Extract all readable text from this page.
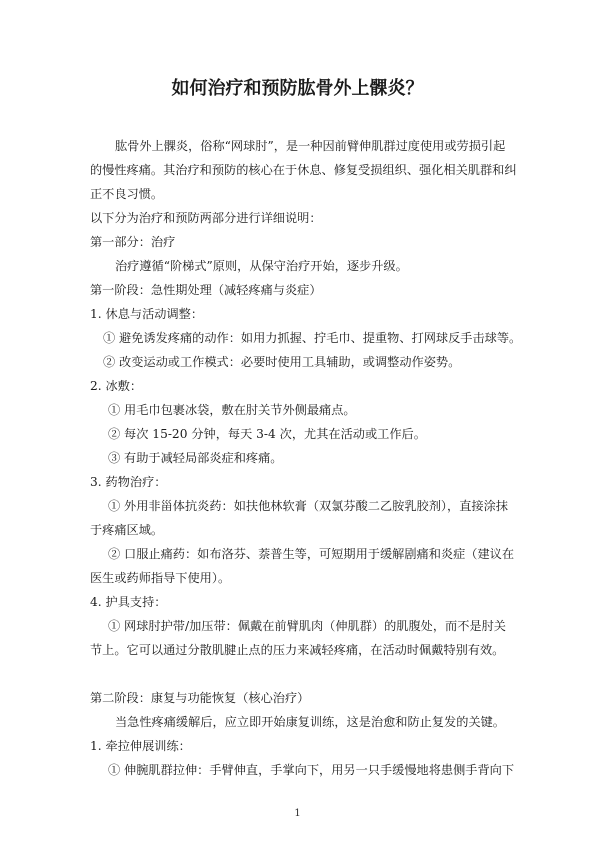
如何治疗和预防肱骨外上髁炎？
肱骨外上髁炎，俗称“网球肘”，是一种因前臂伸肌群过度使用或劳损引起
的慢性疼痛。其治疗和预防的核心在于休息、修复受损组织、强化相关肌群和纠
正不良习惯。
以下分为治疗和预防两部分进行详细说明：
第一部分：治疗
治疗遵循“阶梯式”原则，从保守治疗开始，逐步升级。
第一阶段：急性期处理（减轻疼痛与炎症）
1. 休息与活动调整：
① 避免诱发疼痛的动作：如用力抓握、拧毛巾、提重物、打网球反手击球等。
② 改变运动或工作模式：必要时使用工具辅助，或调整动作姿势。
2. 冰敷：
① 用毛巾包裹冰袋，敷在肘关节外侧最痛点。
② 每次 15-20 分钟，每天 3-4 次，尤其在活动或工作后。
③ 有助于减轻局部炎症和疼痛。
3. 药物治疗：
① 外用非甾体抗炎药：如扶他林软膏（双氯芬酸二乙胺乳胶剂），直接涂抹
于疼痛区域。
② 口服止痛药：如布洛芬、萘普生等，可短期用于缓解剧痛和炎症（建议在
医生或药师指导下使用）。
4. 护具支持：
① 网球肘护带/加压带：佩戴在前臂肌肉（伸肌群）的肌腹处，而不是肘关
节上。它可以通过分散肌腱止点的压力来减轻疼痛，在活动时佩戴特别有效。
第二阶段：康复与功能恢复（核心治疗）
当急性疼痛缓解后，应立即开始康复训练，这是治愈和防止复发的关键。
1. 牵拉伸展训练：
① 伸腕肌群拉伸：手臂伸直，手掌向下，用另一只手缓慢地将患侧手背向下
1
